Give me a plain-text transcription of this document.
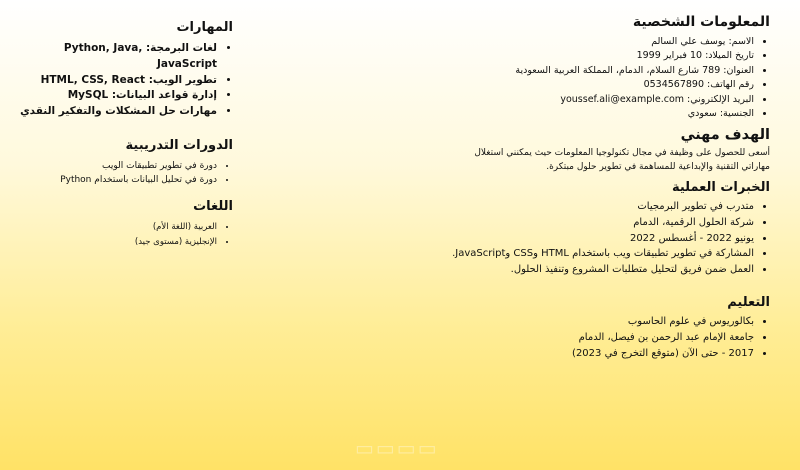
المعلومات الشخصية
• الاسم: يوسف علي السالم
• تاريخ الميلاد: 10 فبراير 1999
• العنوان: 789 شارع السلام، الدمام، المملكة العربية السعودية
• رقم الهاتف: 0534567890
• البريد الإلكتروني: youssef.ali@example.com
• الجنسية: سعودي
الهدف مهني
أسعى للحصول على وظيفة في مجال تكنولوجيا المعلومات حيث يمكنني استغلال مهاراتي التقنية والإبداعية للمساهمة في تطوير حلول مبتكرة.
الخبرات العملية
• متدرب في تطوير البرمجيات
• شركة الحلول الرقمية، الدمام
• يونيو 2022 - أغسطس 2022
• المشاركة في تطوير تطبيقات ويب باستخدام HTML وCSS وJavaScript.
• العمل ضمن فريق لتحليل متطلبات المشروع وتنفيذ الحلول.
التعليم
• بكالوريوس في علوم الحاسوب
• جامعة الإمام عبد الرحمن بن فيصل، الدمام
• 2017 - حتى الآن (متوقع التخرج في 2023)
المهارات
• لغات البرمجة: Python, Java, JavaScript
• تطوير الويب: HTML, CSS, React
• إدارة قواعد البيانات: MySQL
• مهارات حل المشكلات والتفكير النقدي
الدورات التدريبية
• دورة في تطوير تطبيقات الويب
• دورة في تحليل البيانات باستخدام Python
اللغات
• العربية (اللغة الأم)
• الإنجليزية (مستوى جيد)
▭▭▭▭
